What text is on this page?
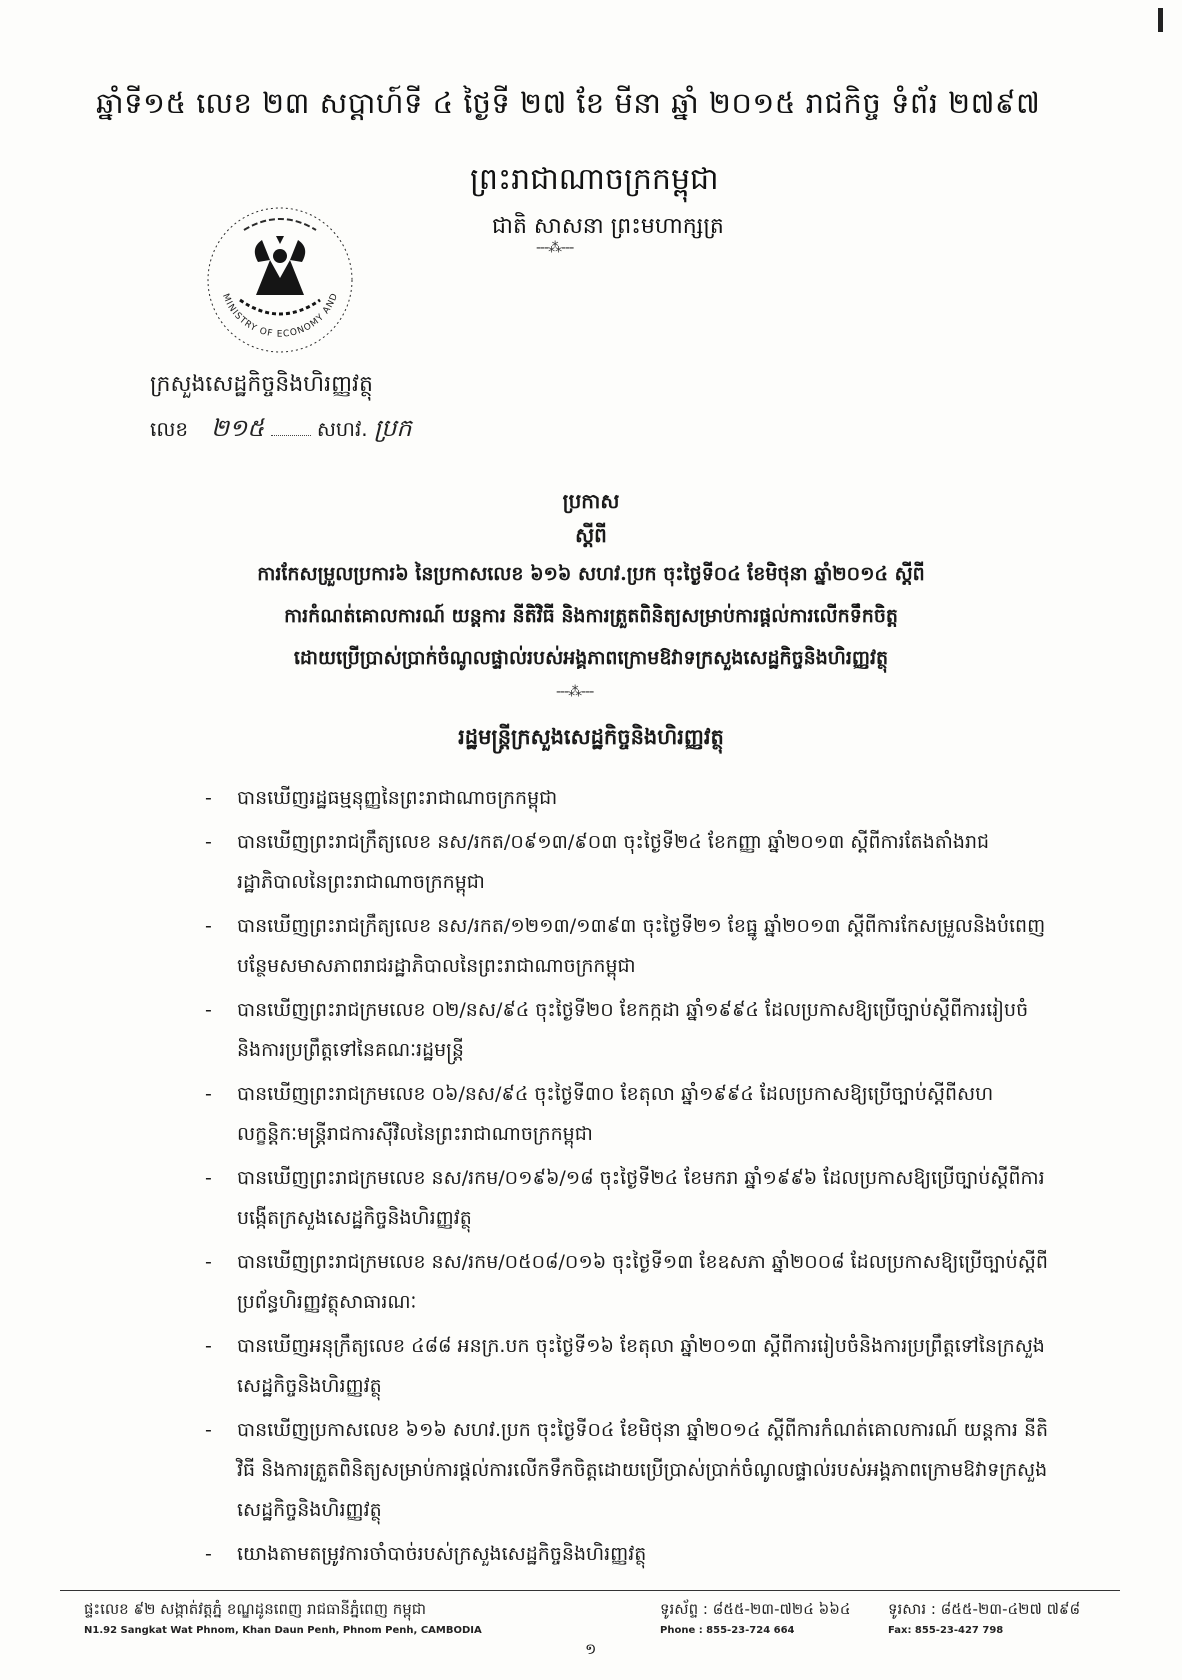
ឆ្នាំទី១៥ លេខ ២៣ សប្តាហ៍ទី ៤ ថ្ងៃទី ២៧ ខែ មីនា ឆ្នាំ ២០១៥ រាជកិច្ច ទំព័រ ២៧៩៧
ព្រះរាជាណាចក្រកម្ពុជា
ជាតិ សាសនា ព្រះមហាក្សត្រ
---⁂---
MINISTRY OF ECONOMY AND
ក្រសួងសេដ្ឋកិច្ចនិងហិរញ្ញវត្ថុ
លេខ ២១៥	សហវ. ប្រក
ប្រកាស
ស្តីពី
ការកែសម្រួលប្រការ៦ នៃប្រកាសលេខ ៦១៦ សហវ.ប្រក ចុះថ្ងៃទី០៤ ខែមិថុនា ឆ្នាំ២០១៤ ស្តីពី
ការកំណត់គោលការណ៍ យន្តការ នីតិវិធី និងការត្រួតពិនិត្យសម្រាប់ការផ្តល់ការលើកទឹកចិត្ត
ដោយប្រើប្រាស់ប្រាក់ចំណូលផ្ទាល់របស់អង្គភាពក្រោមឱវាទក្រសួងសេដ្ឋកិច្ចនិងហិរញ្ញវត្ថុ
---⁂---
រដ្ឋមន្ត្រីក្រសួងសេដ្ឋកិច្ចនិងហិរញ្ញវត្ថុ
- បានឃើញរដ្ឋធម្មនុញ្ញនៃព្រះរាជាណាចក្រកម្ពុជា
- បានឃើញព្រះរាជក្រឹត្យលេខ នស/រកត/០៩១៣/៩០៣ ចុះថ្ងៃទី២៤ ខែកញ្ញា ឆ្នាំ២០១៣ ស្តីពីការតែងតាំងរាជរដ្ឋាភិបាលនៃព្រះរាជាណាចក្រកម្ពុជា
- បានឃើញព្រះរាជក្រឹត្យលេខ នស/រកត/១២១៣/១៣៩៣ ចុះថ្ងៃទី២១ ខែធ្នូ ឆ្នាំ២០១៣ ស្តីពីការកែសម្រួលនិងបំពេញបន្ថែមសមាសភាពរាជរដ្ឋាភិបាលនៃព្រះរាជាណាចក្រកម្ពុជា
- បានឃើញព្រះរាជក្រមលេខ ០២/នស/៩៤ ចុះថ្ងៃទី២០ ខែកក្កដា ឆ្នាំ១៩៩៤ ដែលប្រកាសឱ្យប្រើច្បាប់ស្តីពីការរៀបចំនិងការប្រព្រឹត្តទៅនៃគណៈរដ្ឋមន្ត្រី
- បានឃើញព្រះរាជក្រមលេខ ០៦/នស/៩៤ ចុះថ្ងៃទី៣០ ខែតុលា ឆ្នាំ១៩៩៤ ដែលប្រកាសឱ្យប្រើច្បាប់ស្តីពីសហលក្ខន្តិកៈមន្ត្រីរាជការស៊ីវិលនៃព្រះរាជាណាចក្រកម្ពុជា
- បានឃើញព្រះរាជក្រមលេខ នស/រកម/០១៩៦/១៨ ចុះថ្ងៃទី២៤ ខែមករា ឆ្នាំ១៩៩៦ ដែលប្រកាសឱ្យប្រើច្បាប់ស្តីពីការបង្កើតក្រសួងសេដ្ឋកិច្ចនិងហិរញ្ញវត្ថុ
- បានឃើញព្រះរាជក្រមលេខ នស/រកម/០៥០៨/០១៦ ចុះថ្ងៃទី១៣ ខែឧសភា ឆ្នាំ២០០៨ ដែលប្រកាសឱ្យប្រើច្បាប់ស្តីពីប្រព័ន្ធហិរញ្ញវត្ថុសាធារណៈ
- បានឃើញអនុក្រឹត្យលេខ ៤៨៨ អនក្រ.បក ចុះថ្ងៃទី១៦ ខែតុលា ឆ្នាំ២០១៣ ស្តីពីការរៀបចំនិងការប្រព្រឹត្តទៅនៃក្រសួងសេដ្ឋកិច្ចនិងហិរញ្ញវត្ថុ
- បានឃើញប្រកាសលេខ ៦១៦ សហវ.ប្រក ចុះថ្ងៃទី០៤ ខែមិថុនា ឆ្នាំ២០១៤ ស្តីពីការកំណត់គោលការណ៍ យន្តការ នីតិវិធី និងការត្រួតពិនិត្យសម្រាប់ការផ្តល់ការលើកទឹកចិត្តដោយប្រើប្រាស់ប្រាក់ចំណូលផ្ទាល់របស់អង្គភាពក្រោមឱវាទក្រសួងសេដ្ឋកិច្ចនិងហិរញ្ញវត្ថុ
- យោងតាមតម្រូវការចាំបាច់របស់ក្រសួងសេដ្ឋកិច្ចនិងហិរញ្ញវត្ថុ
ផ្ទះលេខ ៩២ សង្កាត់វត្តភ្នំ ខណ្ឌដូនពេញ រាជធានីភ្នំពេញ កម្ពុជា
N1.92 Sangkat Wat Phnom, Khan Daun Penh, Phnom Penh, CAMBODIA
ទូរស័ព្ទ : ៨៥៥-២៣-៧២៤ ៦៦៤
Phone : 855-23-724 664
ទូរសារ : ៨៥៥-២៣-៤២៧ ៧៩៨
Fax: 855-23-427 798
១
